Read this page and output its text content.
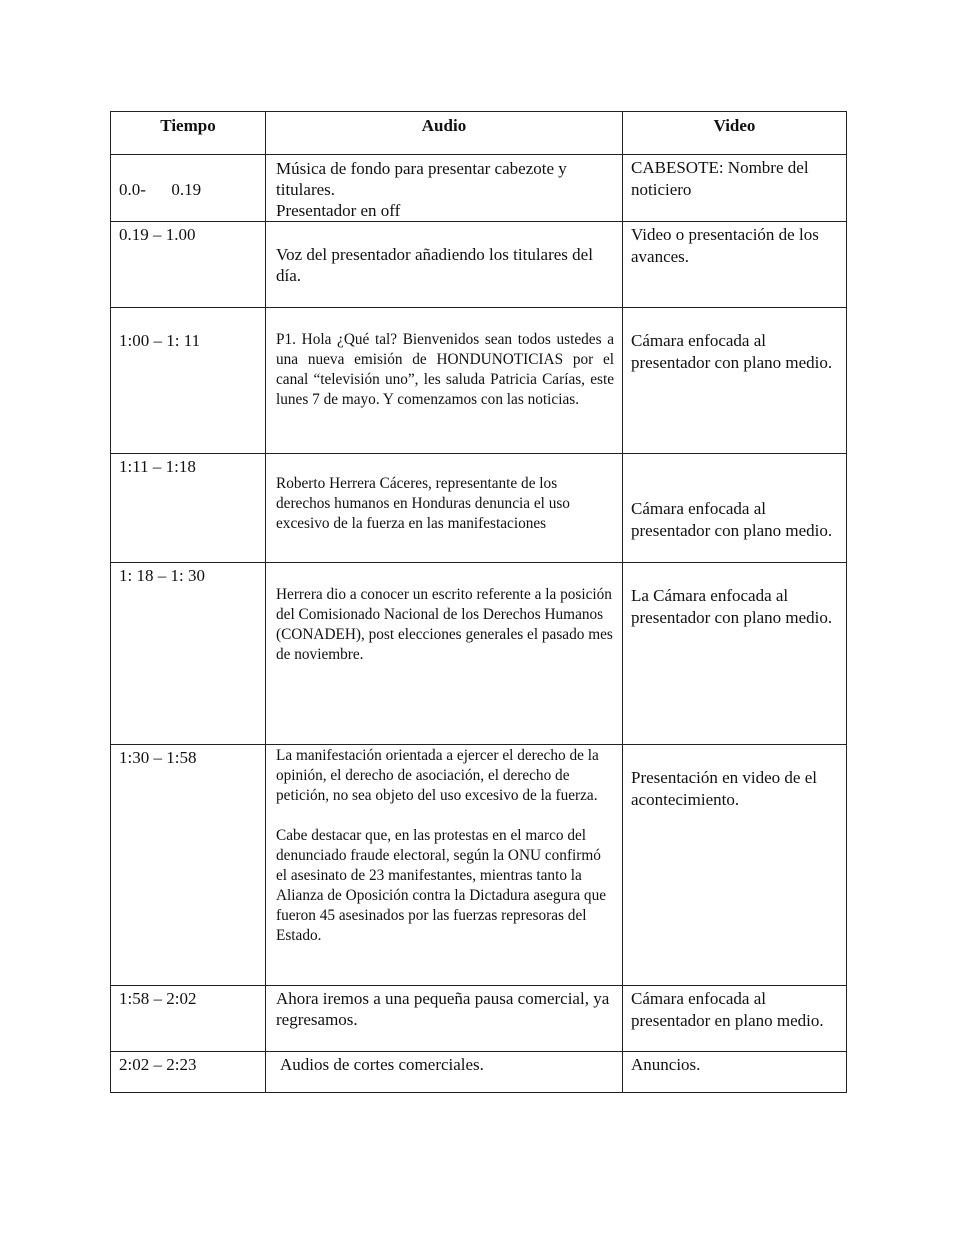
Tiempo	Audio	Video

0.0-      0.19	Música de fondo para presentar cabezote y titulares.
Presentador en off	CABESOTE: Nombre del noticiero

0.19 – 1.00	Voz del presentador añadiendo los titulares del día.	Video o presentación de los avances.

1:00 – 1: 11	P1. Hola ¿Qué tal? Bienvenidos sean todos ustedes a una nueva emisión de HONDUNOTICIAS por el canal “televisión uno”, les saluda Patricia Carías, este lunes 7 de mayo. Y comenzamos con las noticias.	Cámara enfocada al presentador con plano medio.

1:11 – 1:18	Roberto Herrera Cáceres, representante de los derechos humanos en Honduras denuncia el uso excesivo de la fuerza en las manifestaciones	Cámara enfocada al presentador con plano medio.

1: 18 – 1: 30	Herrera dio a conocer un escrito referente a la posición del Comisionado Nacional de los Derechos Humanos (CONADEH), post elecciones generales el pasado mes de noviembre.	La Cámara enfocada al presentador con plano medio.

1:30 – 1:58	La manifestación orientada a ejercer el derecho de la opinión, el derecho de asociación, el derecho de petición, no sea objeto del uso excesivo de la fuerza.
Cabe destacar que, en las protestas en el marco del denunciado fraude electoral, según la ONU confirmó el asesinato de 23 manifestantes, mientras tanto la Alianza de Oposición contra la Dictadura asegura que fueron 45 asesinados por las fuerzas represoras del Estado.	Presentación en video de el acontecimiento.

1:58 – 2:02	Ahora iremos a una pequeña pausa comercial, ya regresamos.	Cámara enfocada al presentador en plano medio.

2:02 – 2:23	Audios de cortes comerciales.	Anuncios.
